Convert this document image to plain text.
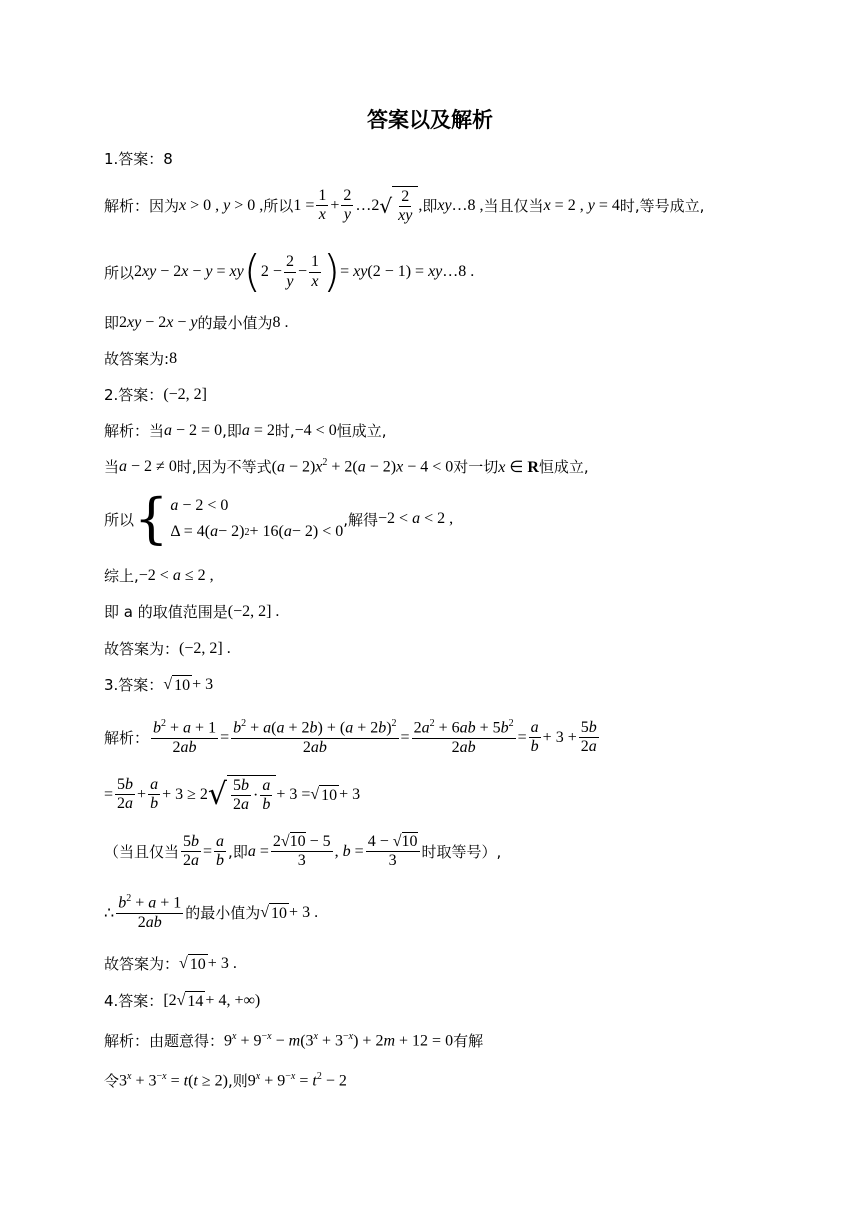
答案以及解析
1.答案：8
解析：因为 x > 0 , y > 0 , 所以 $1 = \frac{1}{x} + \frac{2}{y}$ …2 √ $\frac{2}{xy}$ , 即 xy…8 , 当且仅当 x = 2 , y = 4 时,等号成立,
所以 2xy − 2x − y = xy ( $2 - \frac{2}{y} - \frac{1}{x}$ ) = xy(2 − 1) = xy…8 .
即 2xy − 2x − y 的最小值为 8 .
故答案为: 8
2.答案： (−2, 2]
解析：当 a − 2 = 0 ,即 a = 2 时, −4 < 0 恒成立,
当 a − 2 ≠ 0 时,因为不等式 $(a - 2)x^2 + 2(a - 2)x - 4 < 0$ 对一切 x ∈ R 恒成立,
所以 { a − 2 < 0
Δ = 4( a − 2) 2 + 16( a − 2) < 0
,解得 −2 < a < 2 ,
综上, −2 < a ≤ 2 ,
即 a 的取值范围是 (−2, 2] .
故答案为： (−2, 2] .
3.答案： √ 10 + 3
解析： $\frac{b^2 + a + 1}{2ab} = \frac{b^2 + a(a + 2b) + (a + 2b)^2}{2ab} = \frac{2a^2 + 6ab + 5b^2}{2ab} = \frac{a}{b} + 3 + \frac{5b}{2a}$
= $\frac{5b}{2a} + \frac{a}{b} + 3 \ge 2$ √ $\frac{5b}{2a} \cdot \frac{a}{b} + 3$ = √ 10 + 3
（当且仅当 $\frac{5b}{2a} = \frac{a}{b}$ ,即 $a = \frac{2√10 - 5}{3}$ , $b = \frac{4 - √10}{3}$ 时取等号）,
∴ $\frac{b^2 + a + 1}{2ab}$ 的最小值为 √ 10 + 3 .
故答案为： √ 10 + 3 .
4.答案： [2 √ 14 + 4, +∞)
解析：由题意得： $9^x + 9^{-x} - m(3^x + 3^{-x}) + 2m + 12 = 0$ 有解
令 $3^x + 3^{-x} = t(t \ge 2)$ ,则 $9^x + 9^{-x} = t^2 - 2$
